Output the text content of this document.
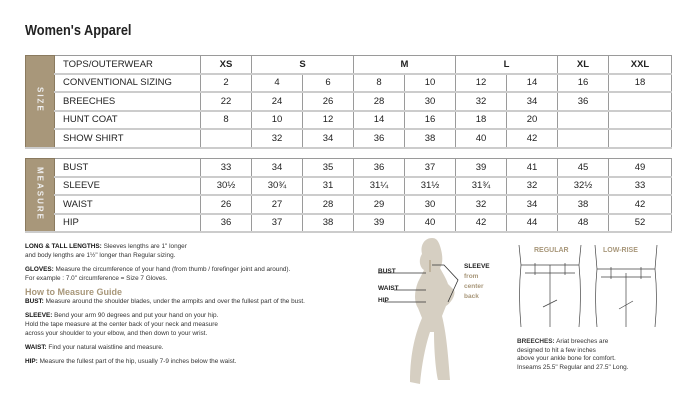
Women's Apparel
SIZE	TOPS/OUTERWEAR	XS	S		M		L		XL	XXL
	CONVENTIONAL SIZING	2	4	6	8	10	12	14	16	18
	BREECHES	22	24	26	28	30	32	34	36	
	HUNT COAT	8	10	12	14	16	18	20		
	SHOW SHIRT		32	34	36	38	40	42		
MEASURE	BUST	33	34	35	36	37	39	41	45	49
	SLEEVE	30½	30¾	31	31¼	31½	31¾	32	32½	33
	WAIST	26	27	28	29	30	32	34	38	42
	HIP	36	37	38	39	40	42	44	48	52

LONG & TALL LENGTHS: Sleeves lengths are 1" longer
and body lengths are 1½" longer than Regular sizing.

GLOVES: Measure the circumference of your hand (from thumb / forefinger joint and around).
For example : 7.0" circumference = Size 7 Gloves.

How to Measure Guide

BUST: Measure around the shoulder blades, under the armpits and over the fullest part of the bust.

SLEEVE: Bend your arm 90 degrees and put your hand on your hip.
Hold the tape measure at the center back of your neck and measure
across your shoulder to your elbow, and then down to your wrist.

WAIST: Find your natural waistline and measure.

HIP: Measure the fullest part of the hip, usually 7-9 inches below the waist.

BUST
WAIST
HIP
SLEEVE
from
center
back
REGULAR	LOW-RISE
BREECHES: Ariat breeches are
designed to hit a few inches
above your ankle bone for comfort.
Inseams 25.5" Regular and 27.5" Long.
